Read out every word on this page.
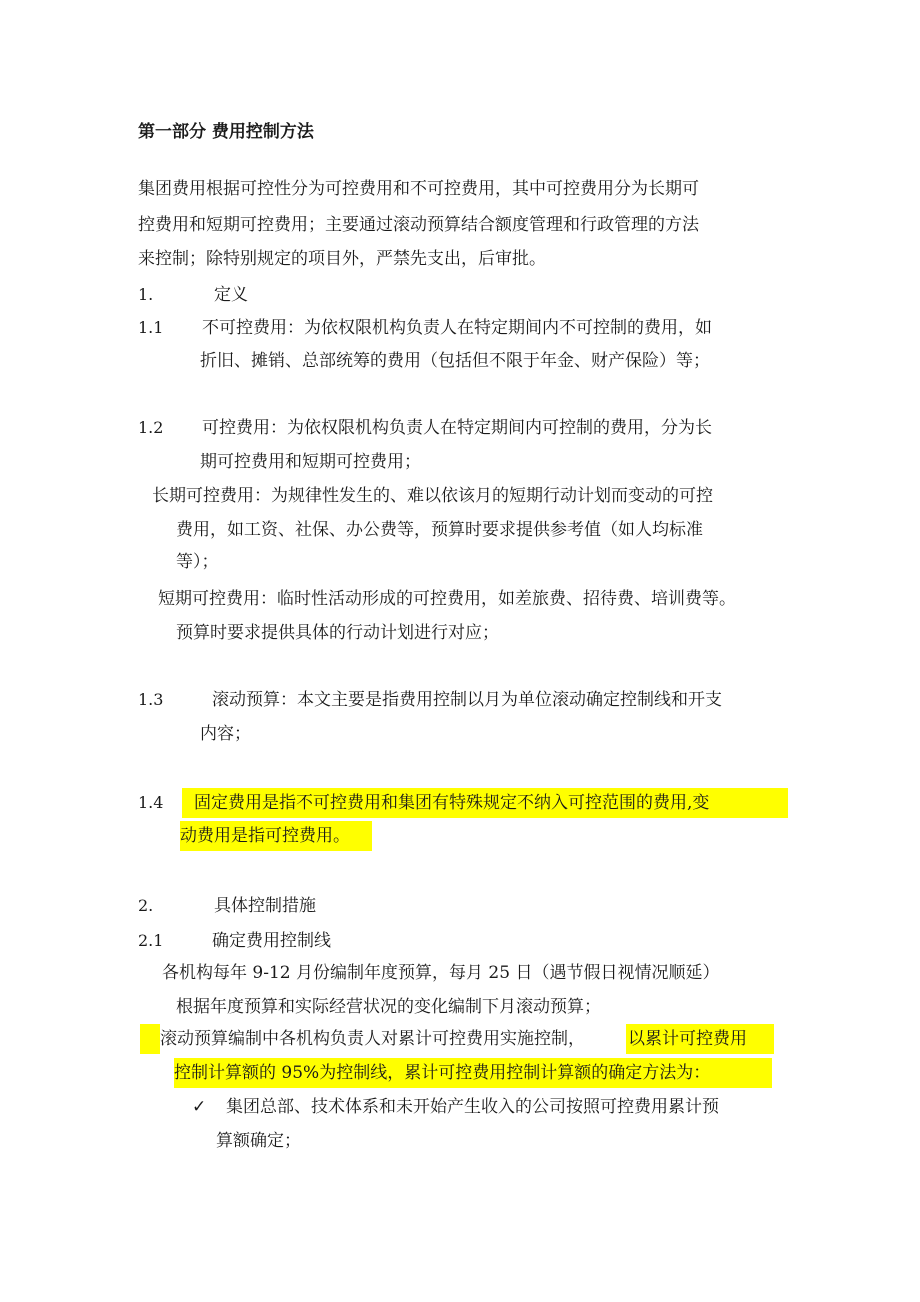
第一部分 费用控制方法
集团费用根据可控性分为可控费用和不可控费用，其中可控费用分为长期可
控费用和短期可控费用；主要通过滚动预算结合额度管理和行政管理的方法
来控制；除特别规定的项目外，严禁先支出，后审批。
1.	定义
1.1 不可控费用：为依权限机构负责人在特定期间内不可控制的费用，如
折旧、摊销、总部统筹的费用（包括但不限于年金、财产保险）等；
1.2 可控费用：为依权限机构负责人在特定期间内可控制的费用，分为长
期可控费用和短期可控费用；
长期可控费用：为规律性发生的、难以依该月的短期行动计划而变动的可控
费用，如工资、社保、办公费等，预算时要求提供参考值（如人均标准
等）；
短期可控费用：临时性活动形成的可控费用，如差旅费、招待费、培训费等。
预算时要求提供具体的行动计划进行对应；
1.3	滚动预算：本文主要是指费用控制以月为单位滚动确定控制线和开支
内容；
1.4	固定费用是指不可控费用和集团有特殊规定不纳入可控范围的费用,变
动费用是指可控费用。
2.	具体控制措施
2.1	确定费用控制线
各机构每年 9-12 月份编制年度预算，每月 25 日（遇节假日视情况顺延）
根据年度预算和实际经营状况的变化编制下月滚动预算；
滚动预算编制中各机构负责人对累计可控费用实施控制，	以累计可控费用
控制计算额的 95%为控制线，累计可控费用控制计算额的确定方法为：
✓ 集团总部、技术体系和未开始产生收入的公司按照可控费用累计预
算额确定；
